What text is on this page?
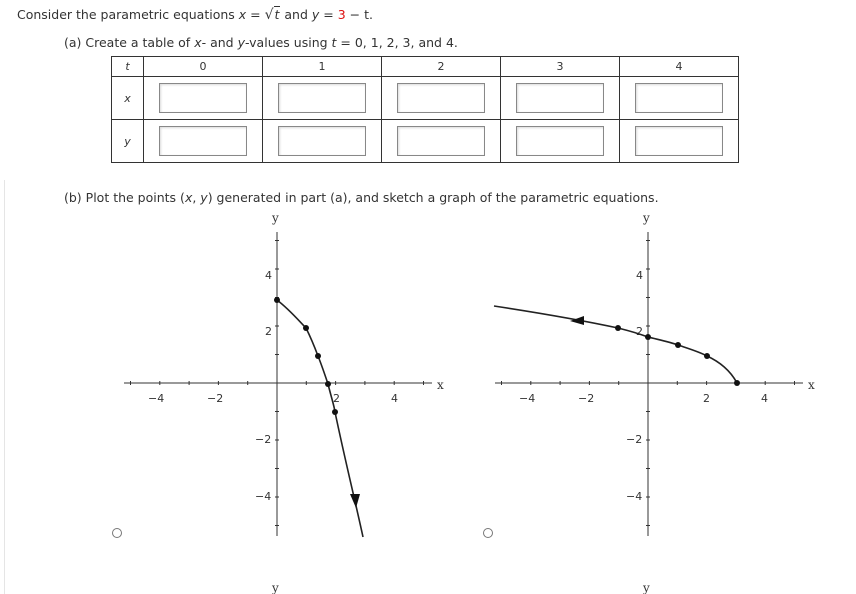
Consider the parametric equations x = √t and y = 3 − t.
(a) Create a table of x- and y-values using t = 0, 1, 2, 3, and 4.
t	0	1	2	3	4
x	

y	

(b) Plot the points (x, y) generated in part (a), and sketch a graph of the parametric equations.
x
y
y
−4	−2	2	4
4
2
−2
−4
x
y
y
−4	−2	2	4
4
2
−2
−4
